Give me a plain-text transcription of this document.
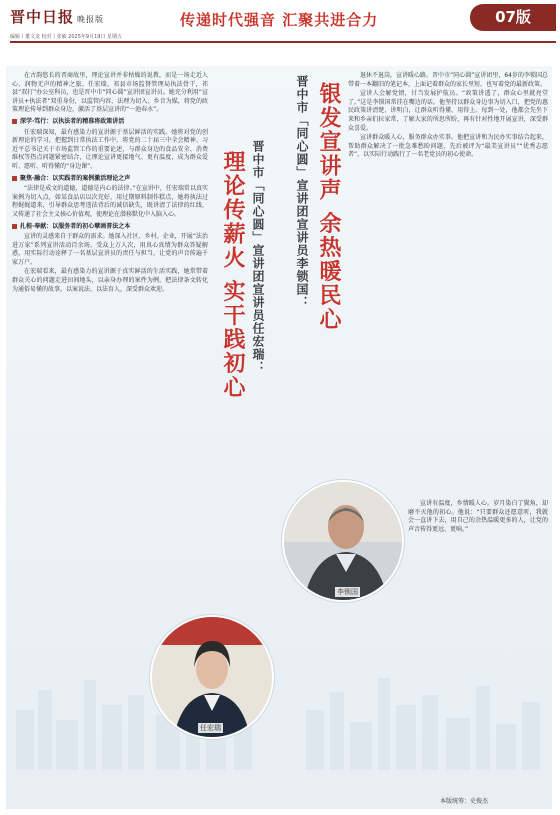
晋中日报 晚报版	传递时代强音 汇聚共进合力	07版
编辑丨董文龙 校对丨张敏 2025年9月19日 星期五

在古韵悠长的晋商故里，理论宣讲并非枯燥的说教，而是一场走近人心、润物无声的精神之旅。任宏瑞，祁县市场监督管理局执法骨干，祁县“双打”办公室科员，也是晋中市“同心圆”宣讲团宣讲员。她充分利用“宣讲员+执法者”双重身份，以监管内容、法理为切入、乡音为媒，将党的政策理论传导到群众身边，激活了基层宣讲的“一池春水”。

深学·笃行：以执法者的精准将政策讲活

任宏瑞深知，最有感染力的宣讲源于基层鲜活的实践。她将对党的创新理论的学习，把握到日常执法工作中，将党的二十届三中全会精神、习近平总书记关于市场监管工作的重要论述，与群众身边的食品安全、消费维权等热点问题紧密结合，让理论宣讲更接地气、更有温度，成为群众爱听、愿听、听得懂的“身边课”。

聚焦·融合：以实践者的案例激活理论之声

“法律是成文的道德，道德是内心的法律。”在宣讲中，任宏瑞常以真实案例为切入点，如某食品店以次充好，用过期原料制作糕点，她将执法过程娓娓道来，引导群众思考违法背后的诚信缺失，既讲清了法律的红线，又传递了社会主义核心价值观，使理论在潜移默化中入脑入心。

扎根·奉献：以服务者的初心擘画普法之本

宣讲的灵感来自于群众的需求。她深入社区、乡村、企业，开展“法治进万家”系列宣讲活动百余场，受众上万人次，用真心真情为群众答疑解惑，用实际行动诠释了一名基层宣讲员的责任与担当，让党的声音传遍千家万户。

在宏瑞看来，最有感染力的宣讲源于真实鲜活的生活实践，她常带着群众关心的问题走进田间地头，以亲身办理的案件为例，把法律条文转化为通俗易懂的故事，以案说法、以法育人，深受群众欢迎。	理论传薪火 实干践初心 晋中市「同心圆」宣讲团宣讲员任宏瑞：	晋中市「同心圆」宣讲团宣讲员李锁国： 银发宣讲声 余热暖民心

退休不退岗，宣讲暖心路。晋中市“同心圆”宣讲团里，64岁的李锁国总带着一本翻旧的笔记本，上面记着群众的家长里短，也写着党的最新政策。

宣讲人会解党情，甘当发展护航员。“政策讲透了，群众心里就亮堂了。”这是李锁国常挂在嘴边的话。他坚持以群众身边事为切入口，把党的惠民政策讲清楚、讲明白，让群众听得懂、用得上。每到一处，他都会先坐下来和乡亲们拉家常，了解大家的所思所盼，再有针对性地开展宣讲，深受群众喜爱。

宣讲群众暖人心，服务群众办实事。他把宣讲和为民办实事结合起来，帮助群众解决了一批急难愁盼问题，先后被评为“最美宣讲员”“优秀志愿者”，以实际行动践行了一名老党员的初心使命。

宣讲有温度，乡情暖人心。岁月染白了鬓角，却磨不灭他的初心。他说：“只要群众还愿意听，我就会一直讲下去，用自己的余热温暖更多的人，让党的声音传得更远、更响。”

李锁国
任宏瑞
本版统筹：史俊杰
